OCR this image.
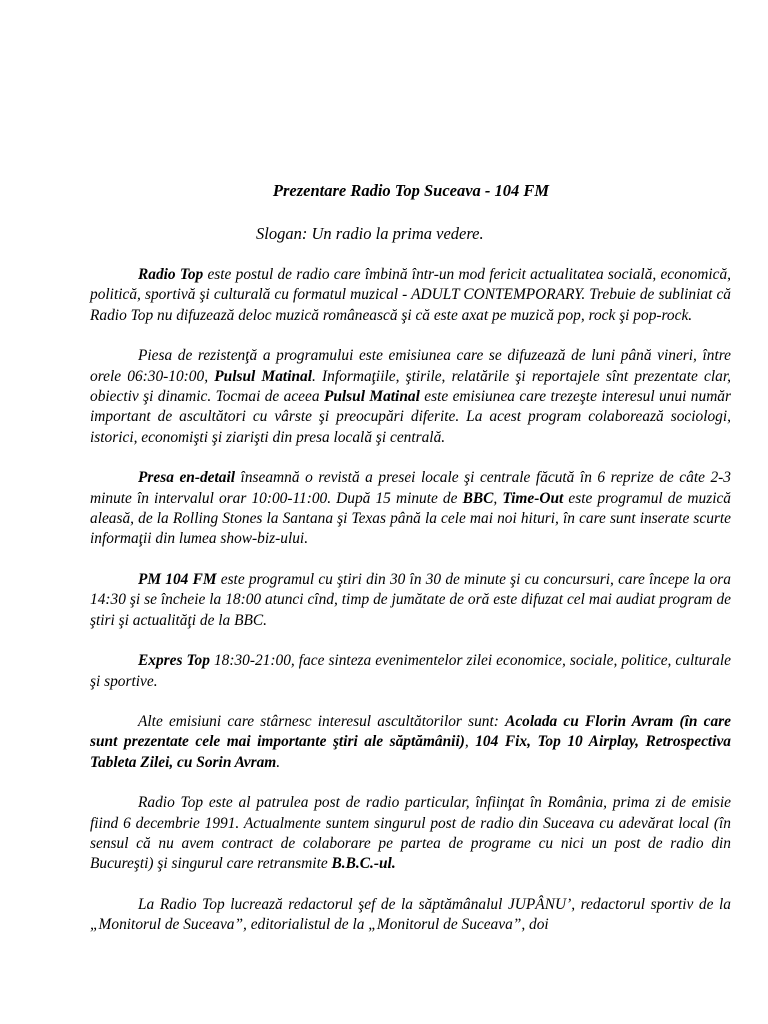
Prezentare Radio Top Suceava - 104 FM
Slogan: Un radio la prima vedere.

Radio Top este postul de radio care îmbină într-un mod fericit actualitatea socială, economică, politică, sportivă şi culturală cu formatul muzical - ADULT CONTEMPORARY. Trebuie de subliniat că Radio Top nu difuzează deloc muzică românească şi că este axat pe muzică pop, rock şi pop-rock.

Piesa de rezistenţă a programului este emisiunea care se difuzează de luni până vineri, între orele 06:30-10:00, Pulsul Matinal. Informaţiile, ştirile, relatările şi reportajele sînt prezentate clar, obiectiv şi dinamic. Tocmai de aceea Pulsul Matinal este emisiunea care trezeşte interesul unui număr important de ascultători cu vârste şi preocupări diferite. La acest program colaborează sociologi, istorici, economişti şi ziarişti din presa locală şi centrală.

Presa en-detail înseamnă o revistă a presei locale şi centrale făcută în 6 reprize de câte 2-3 minute în intervalul orar 10:00-11:00. După 15 minute de BBC, Time-Out este programul de muzică aleasă, de la Rolling Stones la Santana şi Texas până la cele mai noi hituri, în care sunt inserate scurte informaţii din lumea show-biz-ului.

PM 104 FM este programul cu ştiri din 30 în 30 de minute şi cu concursuri, care începe la ora 14:30 şi se încheie la 18:00 atunci cînd, timp de jumătate de oră este difuzat cel mai audiat program de ştiri şi actualităţi de la BBC.

Expres Top 18:30-21:00, face sinteza evenimentelor zilei economice, sociale, politice, culturale şi sportive.

Alte emisiuni care stârnesc interesul ascultătorilor sunt: Acolada cu Florin Avram (în care sunt prezentate cele mai importante ştiri ale săptămânii), 104 Fix, Top 10 Airplay, Retrospectiva Tableta Zilei, cu Sorin Avram.

Radio Top este al patrulea post de radio particular, înfiinţat în România, prima zi de emisie fiind 6 decembrie 1991. Actualmente suntem singurul post de radio din Suceava cu adevărat local (în sensul că nu avem contract de colaborare pe partea de programe cu nici un post de radio din Bucureşti) şi singurul care retransmite B.B.C.-ul.

La Radio Top lucrează redactorul şef de la săptămânalul JUPÂNU’, redactorul sportiv de la „Monitorul de Suceava”, editorialistul de la „Monitorul de Suceava”, doi
